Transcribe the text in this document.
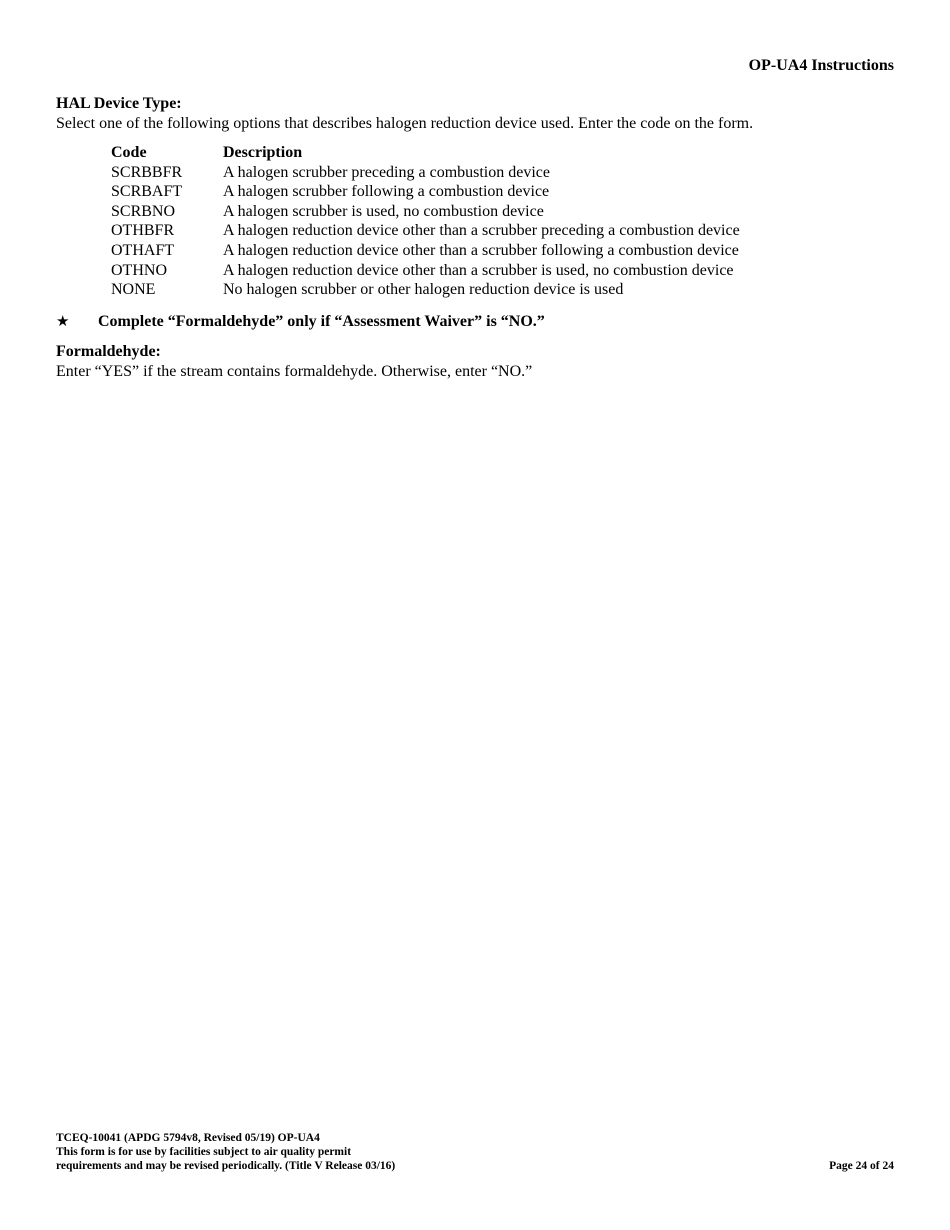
OP-UA4 Instructions

HAL Device Type:

Select one of the following options that describes halogen reduction device used. Enter the code on the form.

Code	Description
SCRBBFR	A halogen scrubber preceding a combustion device
SCRBAFT	A halogen scrubber following a combustion device
SCRBNO	A halogen scrubber is used, no combustion device
OTHBFR	A halogen reduction device other than a scrubber preceding a combustion device
OTHAFT	A halogen reduction device other than a scrubber following a combustion device
OTHNO	A halogen reduction device other than a scrubber is used, no combustion device
NONE	No halogen scrubber or other halogen reduction device is used
★	Complete “Formaldehyde” only if “Assessment Waiver” is “NO.”

Formaldehyde:

Enter “YES” if the stream contains formaldehyde. Otherwise, enter “NO.”

TCEQ-10041 (APDG 5794v8, Revised 05/19) OP-UA4
This form is for use by facilities subject to air quality permit
requirements and may be revised periodically. (Title V Release 03/16)	Page 24 of 24
